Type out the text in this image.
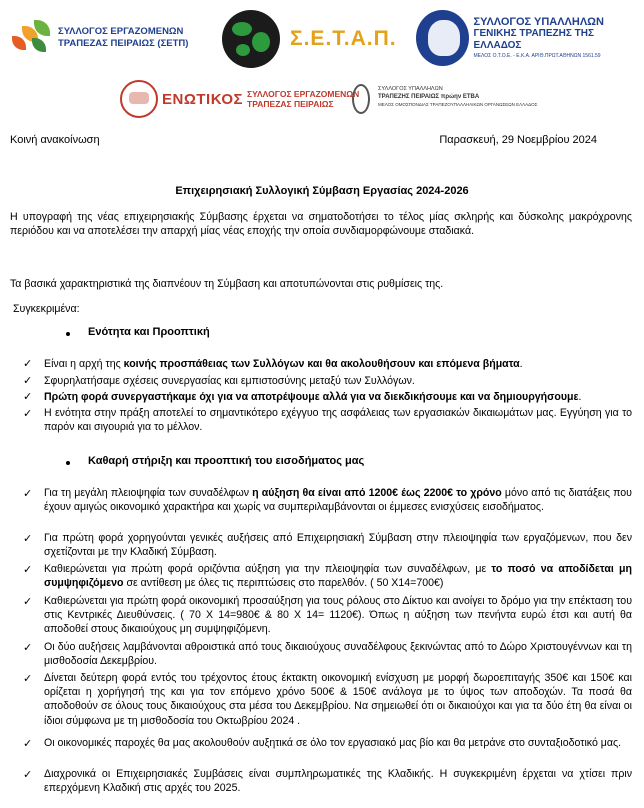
ΣΥΛΛΟΓΟΣ ΕΡΓΑΖΟΜΕΝΩΝ
ΤΡΑΠΕΖΑΣ ΠΕΙΡΑΙΩΣ (ΣΕΤΠ)	Σ.Ε.Τ.Α.Π.
ΣΥΛΛΟΓΟΣ ΥΠΑΛΛΗΛΩΝ
ΓΕΝΙΚΗΣ ΤΡΑΠΕΖΗΣ ΤΗΣ ΕΛΛΑΔΟΣ
ΜΕΛΟΣ Ο.Τ.Ο.Ε. - Ε.Κ.Α. ΑΡΙΘ.ΠΡΩΤ.ΑΘΗΝΩΝ 1561.59
ΕΝΩΤΙΚΟΣ ΣΥΛΛΟΓΟΣ ΕΡΓΑΖΟΜΕΝΩΝ
ΤΡΑΠΕΖΑΣ ΠΕΙΡΑΙΩΣ
ΣΥΛΛΟΓΟΣ ΥΠΑΛΛΗΛΩΝ
ΤΡΑΠΕΖΗΣ ΠΕΙΡΑΙΩΣ πρώην ΕΤΒΑ
ΜΕΛΟΣ ΟΜΟΣΠΟΝΔΙΑΣ ΤΡΑΠΕΖΟΥΠΑΛΛΗΛΙΚΩΝ ΟΡΓΑΝΩΣΕΩΝ ΕΛΛΑΔΟΣ
Κοινή ανακοίνωση	Παρασκευή, 29 Νοεμβρίου 2024
Επιχειρησιακή Συλλογική Σύμβαση Εργασίας 2024-2026
Η υπογραφή της νέας επιχειρησιακής Σύμβασης έρχεται να σηματοδοτήσει το τέλος μίας σκληρής και δύσκολης μακρόχρονης περιόδου και να αποτελέσει την απαρχή μίας νέας εποχής την οποία συνδιαμορφώνουμε σταδιακά.
Τα βασικά χαρακτηριστικά της διαπνέουν τη Σύμβαση και αποτυπώνονται στις ρυθμίσεις της.
Συγκεκριμένα:
Ενότητα και Προοπτική
✓ Είναι η αρχή της κοινής προσπάθειας των Συλλόγων και θα ακολουθήσουν και επόμενα βήματα.
✓ Σφυρηλατήσαμε σχέσεις συνεργασίας και εμπιστοσύνης μεταξύ των Συλλόγων.
✓ Πρώτη φορά συνεργαστήκαμε όχι για να αποτρέψουμε αλλά για να διεκδικήσουμε και να δημιουργήσουμε.
✓ Η ενότητα στην πράξη αποτελεί το σημαντικότερο εχέγγυο της ασφάλειας των εργασιακών δικαιωμάτων μας. Εγγύηση για το παρόν και σιγουριά για το μέλλον.
Καθαρή στήριξη και προοπτική του εισοδήματος μας
✓ Για τη μεγάλη πλειοψηφία των συναδέλφων η αύξηση θα είναι από 1200€ έως 2200€ το χρόνο μόνο από τις διατάξεις που έχουν αμιγώς οικονομικό χαρακτήρα και χωρίς να συμπεριλαμβάνονται οι έμμεσες ενισχύσεις εισοδήματος.
✓ Για πρώτη φορά χορηγούνται γενικές αυξήσεις από Επιχειρησιακή Σύμβαση στην πλειοψηφία των εργαζόμενων, που δεν σχετίζονται με την Κλαδική Σύμβαση.
✓ Καθιερώνεται για πρώτη φορά οριζόντια αύξηση για την πλειοψηφία των συναδέλφων, με το ποσό να αποδίδεται μη συμψηφιζόμενο σε αντίθεση με όλες τις περιπτώσεις στο παρελθόν. ( 50 Χ14=700€)
✓ Καθιερώνεται για πρώτη φορά οικονομική προσαύξηση για τους ρόλους στο Δίκτυο και ανοίγει το δρόμο για την επέκταση του στις Κεντρικές Διευθύνσεις. ( 70 Χ 14=980€ & 80 Χ 14= 1120€). Όπως η αύξηση των πενήντα ευρώ έτσι και αυτή θα αποδοθεί στους δικαιούχους μη συμψηφιζόμενη.
✓ Οι δύο αυξήσεις λαμβάνονται αθροιστικά από τους δικαιούχους συναδέλφους ξεκινώντας από το Δώρο Χριστουγέννων και τη μισθοδοσία Δεκεμβρίου.
✓ Δίνεται δεύτερη φορά εντός του τρέχοντος έτους έκτακτη οικονομική ενίσχυση με μορφή δωροεπιταγής 350€ και 150€ και ορίζεται η χορήγησή της και για τον επόμενο χρόνο 500€ & 150€ ανάλογα με το ύψος των αποδοχών. Τα ποσά θα αποδοθούν σε όλους τους δικαιούχους στα μέσα του Δεκεμβρίου. Να σημειωθεί ότι οι δικαιούχοι και για τα δύο έτη θα είναι οι ίδιοι σύμφωνα με τη μισθοδοσία του Οκτωβρίου 2024 .
✓ Οι οικονομικές παροχές θα μας ακολουθούν αυξητικά σε όλο τον εργασιακό μας βίο και θα μετράνε στο συνταξιοδοτικό μας.
✓ Διαχρονικά οι Επιχειρησιακές Συμβάσεις είναι συμπληρωματικές της Κλαδικής. Η συγκεκριμένη έρχεται να χτίσει πριν επερχόμενη Κλαδική στις αρχές του 2025.
